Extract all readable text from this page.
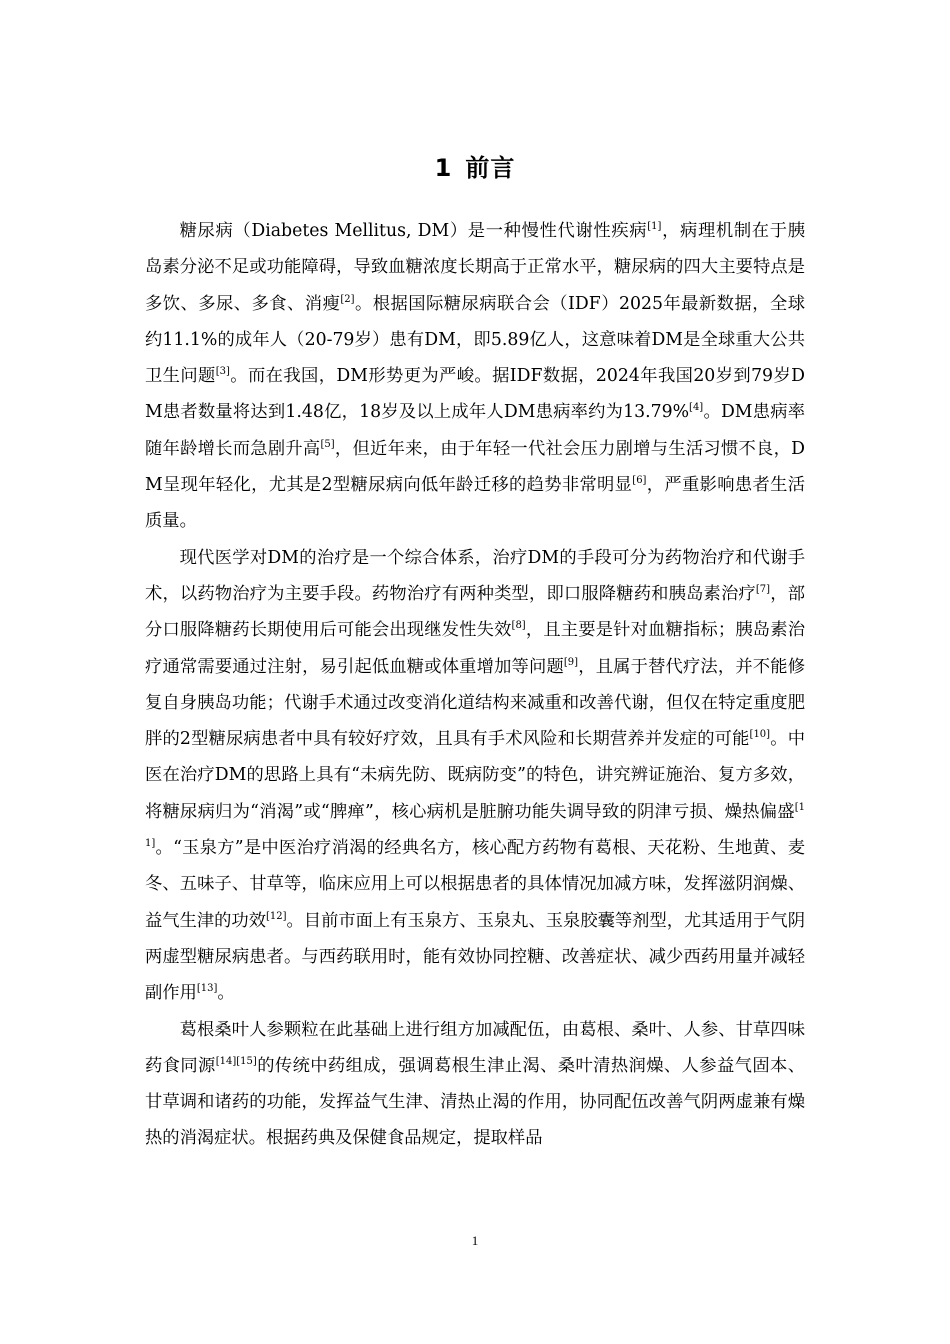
1  前言

糖尿病（Diabetes Mellitus, DM）是一种慢性代谢性疾病[1]，病理机制在于胰岛素分泌不足或功能障碍，导致血糖浓度长期高于正常水平，糖尿病的四大主要特点是多饮、多尿、多食、消瘦[2]。根据国际糖尿病联合会（IDF）2025年最新数据，全球约11.1%的成年人（20-79岁）患有DM，即5.89亿人，这意味着DM是全球重大公共卫生问题[3]。而在我国，DM形势更为严峻。据IDF数据，2024年我国20岁到79岁DM患者数量将达到1.48亿，18岁及以上成年人DM患病率约为13.79%[4]。DM患病率随年龄增长而急剧升高[5]，但近年来，由于年轻一代社会压力剧增与生活习惯不良，DM呈现年轻化，尤其是2型糖尿病向低年龄迁移的趋势非常明显[6]，严重影响患者生活质量。

现代医学对DM的治疗是一个综合体系，治疗DM的手段可分为药物治疗和代谢手术，以药物治疗为主要手段。药物治疗有两种类型，即口服降糖药和胰岛素治疗[7]，部分口服降糖药长期使用后可能会出现继发性失效[8]，且主要是针对血糖指标；胰岛素治疗通常需要通过注射，易引起低血糖或体重增加等问题[9]，且属于替代疗法，并不能修复自身胰岛功能；代谢手术通过改变消化道结构来减重和改善代谢，但仅在特定重度肥胖的2型糖尿病患者中具有较好疗效，且具有手术风险和长期营养并发症的可能[10]。中医在治疗DM的思路上具有“未病先防、既病防变”的特色，讲究辨证施治、复方多效，将糖尿病归为“消渴”或“脾瘅”，核心病机是脏腑功能失调导致的阴津亏损、燥热偏盛[11]。“玉泉方”是中医治疗消渴的经典名方，核心配方药物有葛根、天花粉、生地黄、麦冬、五味子、甘草等，临床应用上可以根据患者的具体情况加减方味，发挥滋阴润燥、益气生津的功效[12]。目前市面上有玉泉方、玉泉丸、玉泉胶囊等剂型，尤其适用于气阴两虚型糖尿病患者。与西药联用时，能有效协同控糖、改善症状、减少西药用量并减轻副作用[13]。

葛根桑叶人参颗粒在此基础上进行组方加减配伍，由葛根、桑叶、人参、甘草四味药食同源[14][15]的传统中药组成，强调葛根生津止渴、桑叶清热润燥、人参益气固本、甘草调和诸药的功能，发挥益气生津、清热止渴的作用，协同配伍改善气阴两虚兼有燥热的消渴症状。根据药典及保健食品规定，提取样品

1
